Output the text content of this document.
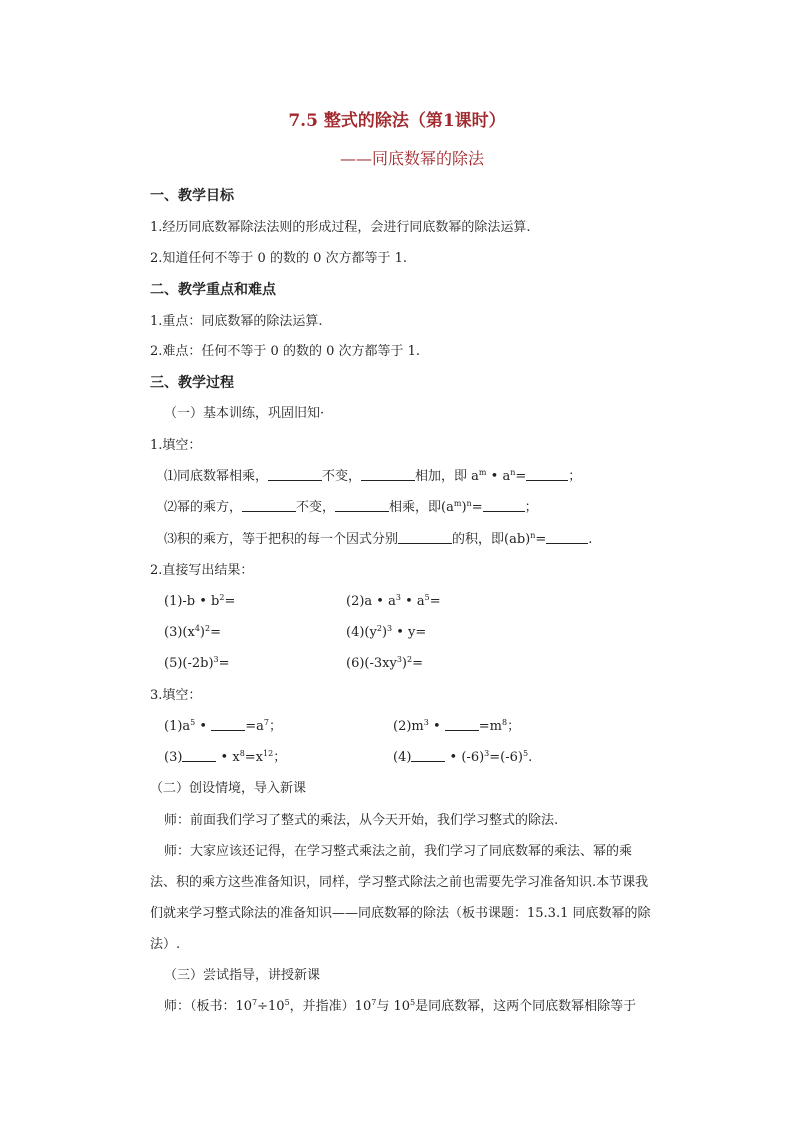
7.5 整式的除法（第1课时）
——同底数幂的除法
一、教学目标
1.经历同底数幂除法法则的形成过程，会进行同底数幂的除法运算.
2.知道任何不等于 0 的数的 0 次方都等于 1.
二、教学重点和难点
1.重点：同底数幂的除法运算.
2.难点：任何不等于 0 的数的 0 次方都等于 1.
三、教学过程
（一）基本训练，巩固旧知·
1.填空：
⑴同底数幂相乘，	不变，	相加，即 $a^m$ • $a^n=$	；
⑵幂的乘方，	不变，	相乘，即$(a^m)^n=$	；
⑶积的乘方，等于把积的每一个因式分别	的积，即(ab)$^n$=	.
2.直接写出结果：
(1)-b • $b^2=$	(2)a • $a^3$ • $a^5=$
$(3)(x^4)^2=$	$(4)(y^2)^3$ • y=
$(5)(-2b)^3=$	$(6)(-3xy^3)^2=$
3.填空：
$(1)a^5$ •	$=a^7$；	$(2)m^3$ •	$=m^8$；
(3)	• $x^8=x^{12}$；	(4)	• $(-6)^3=(-6)^5$.
（二）创设情境，导入新课
师：前面我们学习了整式的乘法，从今天开始，我们学习整式的除法.
师：大家应该还记得，在学习整式乘法之前，我们学习了同底数幂的乘法、幂的乘
法、积的乘方这些准备知识，同样，学习整式除法之前也需要先学习准备知识.本节课我
们就来学习整式除法的准备知识——同底数幂的除法（板书课题：15.3.1 同底数幂的除
法）.
（三）尝试指导，讲授新课
师：（板书：$10^7\div 10^5$，并指准）$10^7$与 $10^5$是同底数幂，这两个同底数幂相除等于
